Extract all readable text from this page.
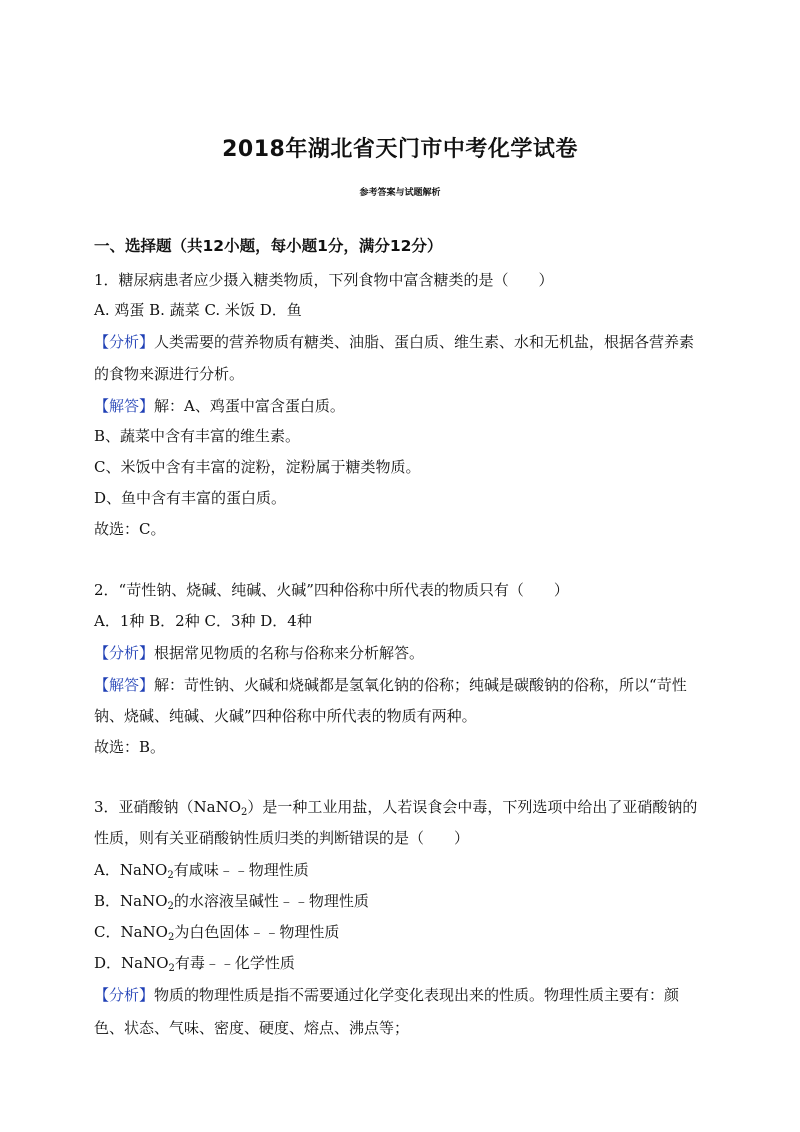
2018年湖北省天门市中考化学试卷
参考答案与试题解析
一、选择题（共12小题，每小题1分，满分12分）
1．糖尿病患者应少摄入糖类物质，下列食物中富含糖类的是（　　）
A. 鸡蛋 B. 蔬菜 C. 米饭 D．鱼
【分析】人类需要的营养物质有糖类、油脂、蛋白质、维生素、水和无机盐，根据各营养素
的食物来源进行分析。
【解答】解：A、鸡蛋中富含蛋白质。
B、蔬菜中含有丰富的维生素。
C、米饭中含有丰富的淀粉，淀粉属于糖类物质。
D、鱼中含有丰富的蛋白质。
故选：C。
2．“苛性钠、烧碱、纯碱、火碱”四种俗称中所代表的物质只有（　　）
A．1种 B．2种 C．3种 D．4种
【分析】根据常见物质的名称与俗称来分析解答。
【解答】解：苛性钠、火碱和烧碱都是氢氧化钠的俗称；纯碱是碳酸钠的俗称，所以“苛性
钠、烧碱、纯碱、火碱”四种俗称中所代表的物质有两种。
故选：B。
3．亚硝酸钠（NaNO$_2$）是一种工业用盐，人若误食会中毒，下列选项中给出了亚硝酸钠的
性质，则有关亚硝酸钠性质归类的判断错误的是（　　）
A．NaNO$_2$有咸味﹣﹣物理性质
B．NaNO$_2$的水溶液呈碱性﹣﹣物理性质
C．NaNO$_2$为白色固体﹣﹣物理性质
D．NaNO$_2$有毒﹣﹣化学性质
【分析】物质的物理性质是指不需要通过化学变化表现出来的性质。物理性质主要有：颜
色、状态、气味、密度、硬度、熔点、沸点等；
